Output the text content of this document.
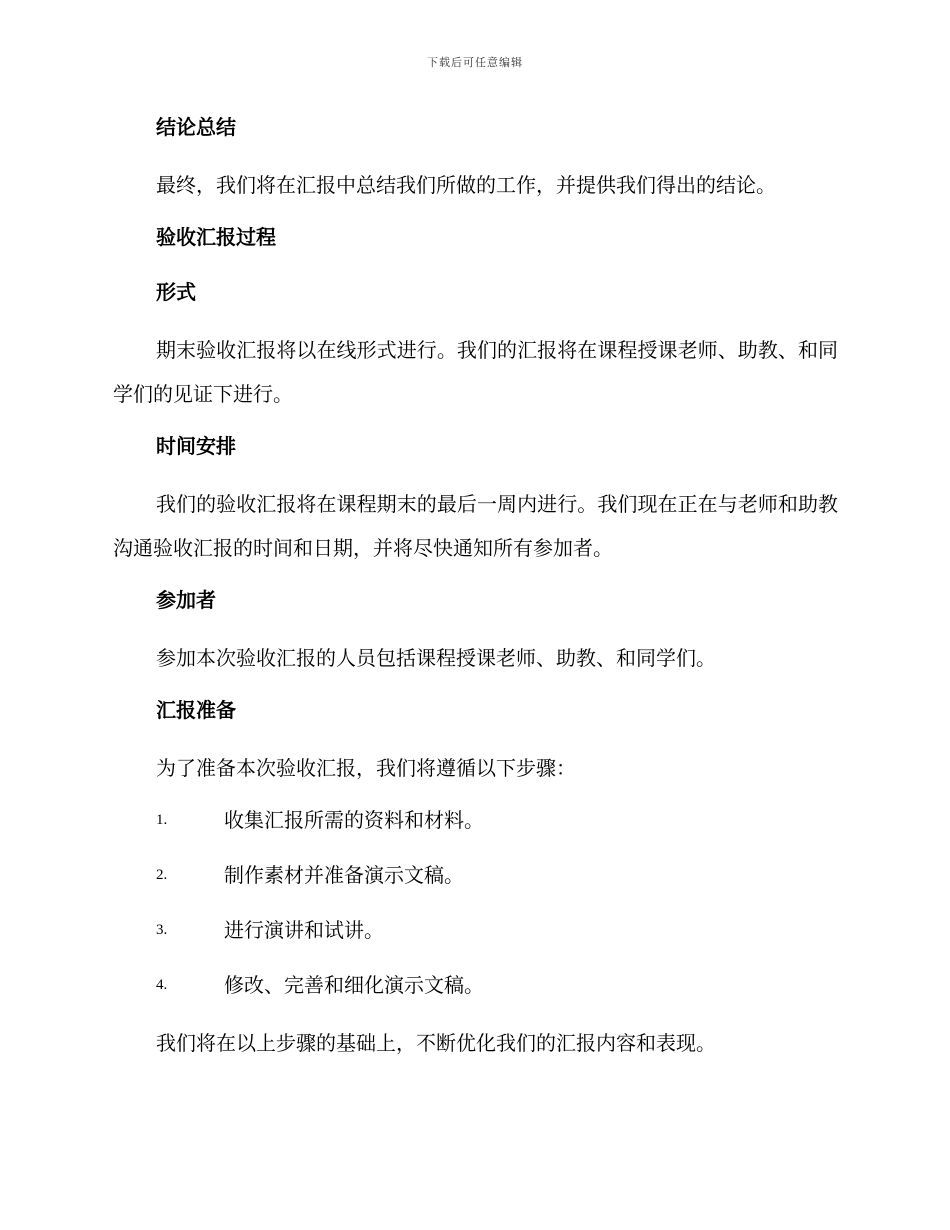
下载后可任意编辑
结论总结

最终，我们将在汇报中总结我们所做的工作，并提供我们得出的结论。

验收汇报过程
形式

期末验收汇报将以在线形式进行。我们的汇报将在课程授课老师、助教、和同学们的见证下进行。

时间安排

我们的验收汇报将在课程期末的最后一周内进行。我们现在正在与老师和助教沟通验收汇报的时间和日期，并将尽快通知所有参加者。

参加者

参加本次验收汇报的人员包括课程授课老师、助教、和同学们。

汇报准备

为了准备本次验收汇报，我们将遵循以下步骤：

1.	收集汇报所需的资料和材料。
2.	制作素材并准备演示文稿。
3.	进行演讲和试讲。
4.	修改、完善和细化演示文稿。

我们将在以上步骤的基础上，不断优化我们的汇报内容和表现。
